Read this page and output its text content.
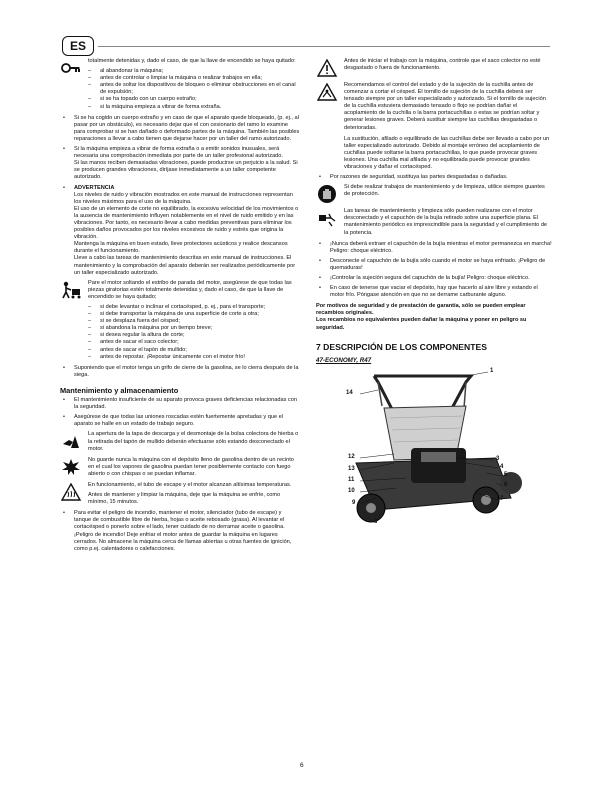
ES
totalmente detenidas y, dado el caso, de que la llave de encendido se haya quitado:
– al abandonar la máquina;
– antes de controlar o limpiar la máquina o realizar trabajos en ella;
– antes de soltar los dispositivos de bloqueo o eliminar obstrucciones en el canal de expulsión;
– si se ha topado con un cuerpo extraño;
– si la máquina empieza a vibrar de forma extraña.
• Si se ha cogido un cuerpo extraño y en caso de que el aparato quede bloqueado, (p. ej., al pasar por un obstáculo), es necesario dejar que el con cesionario del ramo lo examine para comprobar si se han dañado o deformado partes de la máquina. También las posibles reparaciones a llevar a cabo tienen que dejarse hacer por un taller del ramo autorizado.
• Si la máquina empieza a vibrar de forma extraña o a emitir sonidos inusuales, será necesaria una comprobación inmediata por parte de un taller profesional autorizado.
Si las manos reciben demasiadas vibraciones, puede producirse un perjuicio a la salud. Si se producen grandes vibraciones, diríjase inmediatamente a un taller competente autorizado.
• ADVERTENCIA
Los niveles de ruido y vibración mostrados en este manual de instrucciones representan los niveles máximos para el uso de la máquina.
El uso de un elemento de corte no equilibrado, la excesiva velocidad de los movimientos o la ausencia de mantenimiento influyen notablemente en el nivel de ruido emitido y en las vibraciones. Por tanto, es necesario llevar a cabo medidas preventivas para eliminar los posibles daños provocados por los niveles excesivos de ruido y estrés que origina la vibración.
Mantenga la máquina en buen estado, lleve protectores acústicos y realice descansos durante el funcionamiento.
Lleve a cabo las tareas de mantenimiento descritas en este manual de instrucciones. El mantenimiento y la comprobación del aparato deberán ser realizados periódicamente por un taller especializado autorizado.
Pare el motor soltando el estribo de parada del motor, asegúrese de que todas las piezas giratorias estén totalmente detenidas y, dado el caso, de que la llave de encendido se haya quitado;
– si debe levantar o inclinar el cortacésped, p. ej., para el transporte;
– si debe transportar la máquina de una superficie de corte a otra;
– si se desplaza fuera del césped;
– si abandona la máquina por un tiempo breve;
– si desea regular la altura de corte;
– antes de sacar el saco colector;
– antes de sacar el tapón de mullido;
– antes de repostar. ¡Repostar únicamente con el motor frío!
• Suponiendo que el motor tenga un grifo de cierre de la gasolina, se lo cierra después de la siega.
Mantenimiento y almacenamiento
• El mantenimiento insuficiente de su aparato provoca graves deficiencias relacionadas con la seguridad.
• Asegúrese de que todas las uniones roscadas estén fuertemente apretadas y que el aparato se halle en un estado de trabajo seguro.
La apertura de la tapa de descarga y el desmontaje de la bolsa colectora de hierba o la retirada del tapón de mullido deberán efectuarse sólo estando desconectado el motor.
No guarde nunca la máquina con el depósito lleno de gasolina dentro de un recinto en el cual los vapores de gasolina puedan tener posiblemente contacto con fuego abierto o con chispas o se puedan inflamar.
En funcionamiento, el tubo de escape y el motor alcanzan altísimas temperaturas.
Antes de mantener y limpiar la máquina, deje que la máquina se enfríe, como mínimo, 15 minutos.
• Para evitar el peligro de incendio, mantener el motor, silenciador (tubo de escape) y tanque de combustible libre de hierba, hojas o aceite rebosado (grasa). Al levantar el cortacésped o ponerlo sobre el lado, tener cuidado de no derramar aceite o gasolina. ¡Peligro de incendio! Deje enfriar el motor antes de guardar la máquina en lugares cerrados. No almacene la máquina cerca de llamas abiertas u otras fuentes de ignición, como p.ej. calentadores o calefacciones.
Antes de iniciar el trabajo con la máquina, controle que el saco colector no esté desgastado o fuera de funcionamiento.
Recomendamos el control del estado y de la sujeción de la cuchilla antes de comenzar a cortar el césped. El tornillo de sujeción de la cuchilla deberá ser tensado siempre por un taller especializado y autorizado. Si el tornillo de sujeción de la cuchilla estuviera demasiado tensado o flojo se podrían dañar el acoplamiento de la cuchilla o la barra portacuchillas o estas se podrían soltar y generar lesiones graves. Deberá sustituir siempre las cuchillas desgastadas o deterioradas.
La sustitución, afilado o equilibrado de las cuchillas debe ser llevado a cabo por un taller especializado autorizado. Debido al montaje erróneo del acoplamiento de cuchillas puede soltarse la barra portacuchillas, lo que puede provocar graves lesiones. Una cuchilla mal afilada y no equilibrada puede provocar grandes vibraciones y dañar el cortacésped.
• Por razones de seguridad, sustituya las partes desgastadas o dañadas.
Si debe realizar trabajos de mantenimiento y de limpieza, utilice siempre guantes de protección.
Las tareas de mantenimiento y limpieza sólo pueden realizarse con el motor desconectado y el capuchón de la bujía retirado sobre una superficie plana. El mantenimiento periódico es imprescindible para la seguridad y el cumplimiento de la potencia.
• ¡Nunca deberá extraer el capuchón de la bujía mientras el motor permanezca en marcha! Peligro: choque eléctrico.
• Desconecte el capuchón de la bujía sólo cuando el motor se haya enfriado. ¡Peligro de quemaduras!
• ¡Controlar la sujeción segura del capuchón de la bujía! Peligro: choque eléctrico.
• En caso de tenerse que vaciar el depósito, hay que hacerlo al aire libre y estando el motor frío. Póngase atención en que no se derrame carburante alguno.
Por motivos de seguridad y de prestación de garantía, sólo se pueden emplear recambios originales.
Los recambios no equivalentes pueden dañar la máquina y poner en peligro su seguridad.
7 DESCRIPCIÓN DE LOS COMPONENTES
47-ECONOMY, R47
1
3
4
5
6
7
8
9
10
11
13
12
14
6
